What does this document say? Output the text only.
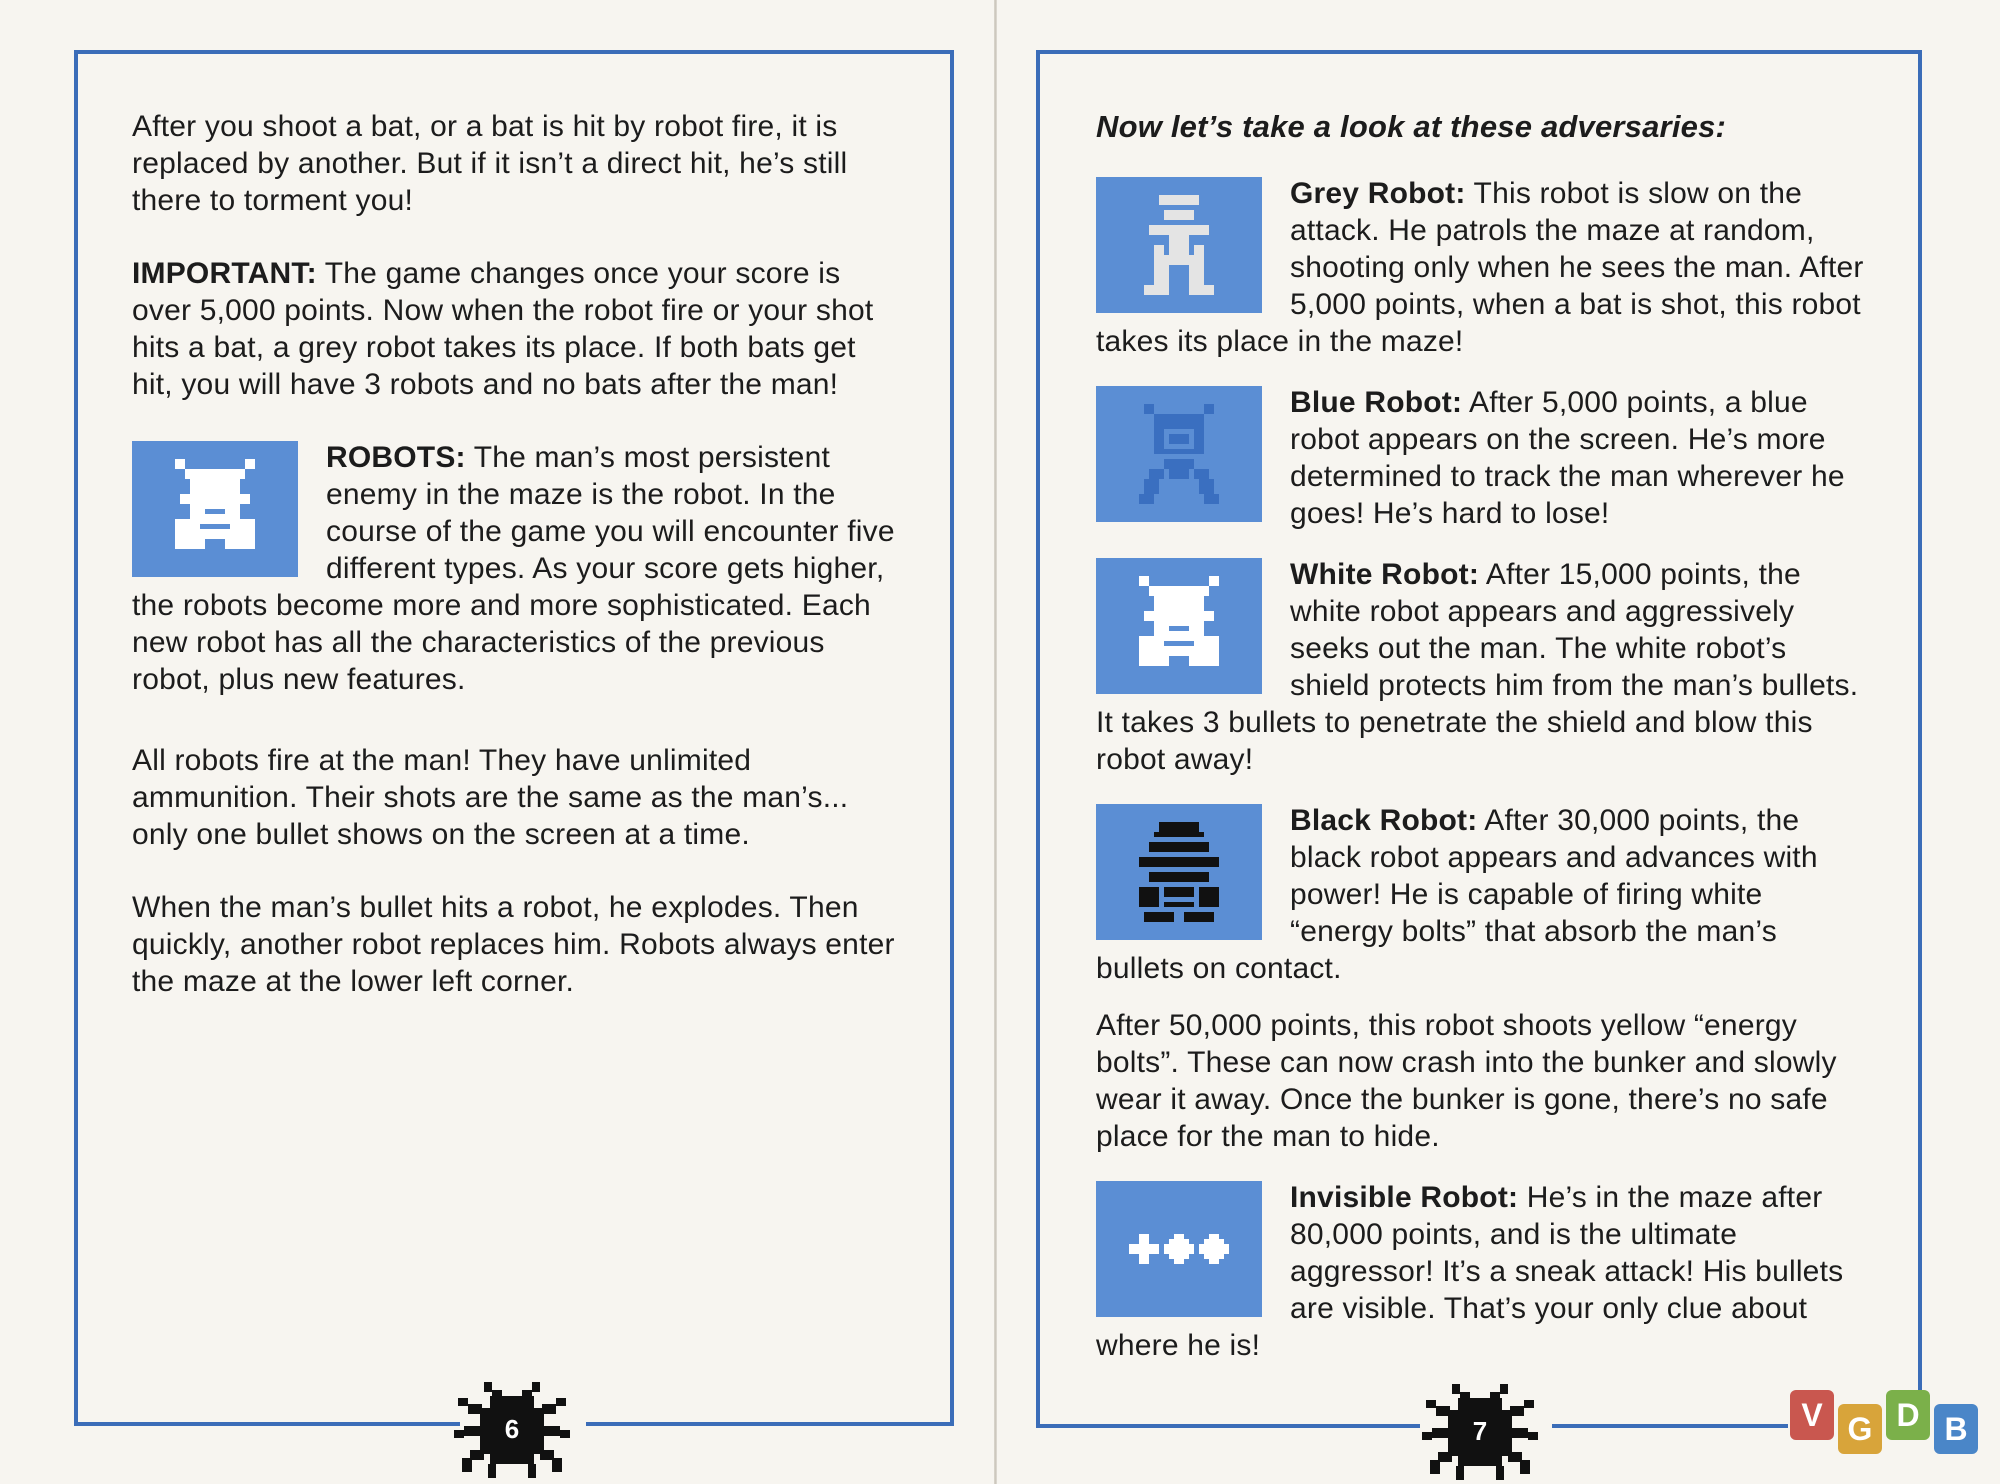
6

After you shoot a bat, or a bat is hit by robot fire, it is replaced by another. But if it isn’t a direct hit, he’s still there to torment you!

IMPORTANT: The game changes once your score is over 5,000 points. Now when the robot fire or your shot hits a bat, a grey robot takes its place. If both bats get hit, you will have 3 robots and no bats after the man!

ROBOTS: The man’s most persistent enemy in the maze is the robot. In the course of the game you will encounter five different types. As your score gets higher, the robots become more and more sophisticated. Each new robot has all the characteristics of the previous robot, plus new features.

All robots fire at the man! They have unlimited ammunition. Their shots are the same as the man’s... only one bullet shows on the screen at a time.

When the man’s bullet hits a robot, he explodes. Then quickly, another robot replaces him. Robots always enter the maze at the lower left corner.

7
Now let’s take a look at these adversaries:
Grey Robot: This robot is slow on the attack. He patrols the maze at random, shooting only when he sees the man. After 5,000 points, when a bat is shot, this robot takes its place in the maze!
Blue Robot: After 5,000 points, a blue robot appears on the screen. He’s more determined to track the man wherever he goes! He’s hard to lose!
White Robot: After 15,000 points, the white robot appears and aggressively seeks out the man. The white robot’s shield protects him from the man’s bullets. It takes 3 bullets to penetrate the shield and blow this robot away!
Black Robot: After 30,000 points, the black robot appears and advances with power! He is capable of firing white “energy bolts” that absorb the man’s bullets on contact.

After 50,000 points, this robot shoots yellow “energy bolts”. These can now crash into the bunker and slowly wear it away. Once the bunker is gone, there’s no safe place for the man to hide.

Invisible Robot: He’s in the maze after 80,000 points, and is the ultimate aggressor! It’s a sneak attack! His bullets are visible. That’s your only clue about where he is!
V G D B
